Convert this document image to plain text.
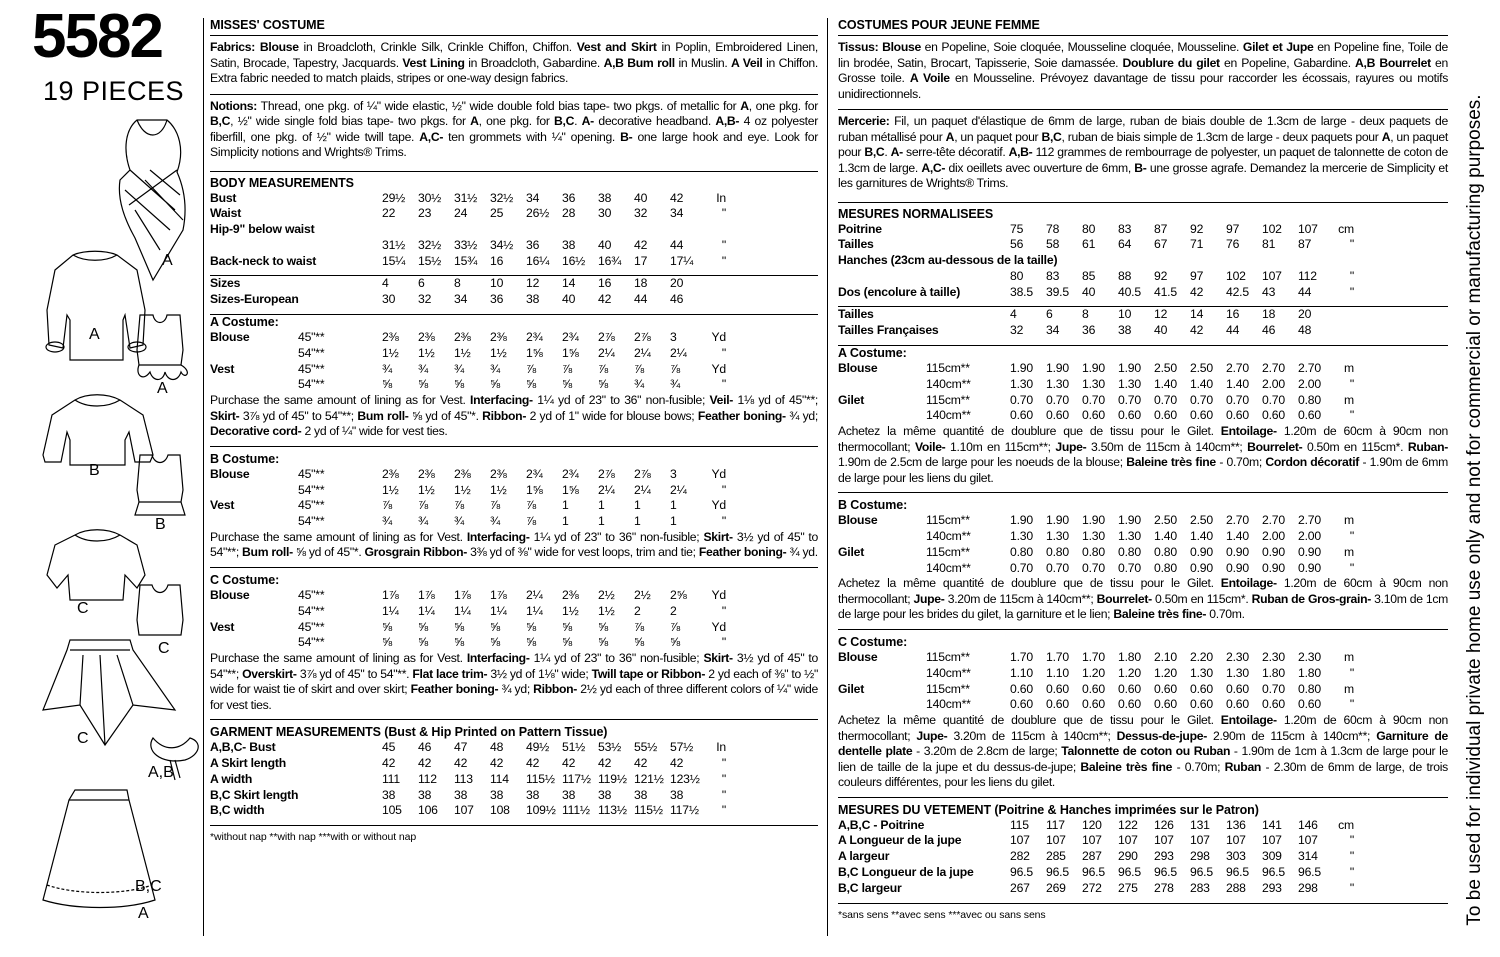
5582
19 PIECES
A
A
A
B
B
C
C
C
A,B
B,C
A
MISSES' COSTUME
Fabrics: Blouse in Broadcloth, Crinkle Silk, Crinkle Chiffon, Chiffon. Vest and Skirt in Poplin, Embroidered Linen, Satin, Brocade, Tapestry, Jacquards. Vest Lining in Broadcloth, Gabardine. A,B Bum roll in Muslin. A Veil in Chiffon. Extra fabric needed to match plaids, stripes or one-way design fabrics.
Notions: Thread, one pkg. of ¼" wide elastic, ½" wide double fold bias tape- two pkgs. of metallic for A, one pkg. for B,C, ½" wide single fold bias tape- two pkgs. for A, one pkg. for B,C. A- decorative headband. A,B- 4 oz polyester fiberfill, one pkg. of ½" wide twill tape. A,C- ten grommets with ¼" opening. B- one large hook and eye. Look for Simplicity notions and Wrights® Trims.
BODY MEASUREMENTS
Bust	29½	30½	31½	32½	34	36	38	40	42	In
Waist	22	23	24	25	26½	28	30	32	34	"
Hip-9" below waist
31½	32½	33½	34½	36	38	40	42	44	"
Back-neck to waist	15¼	15½	15¾	16	16¼	16½	16¾	17	17¼	"
Sizes	4	6	8	10	12	14	16	18	20
Sizes-European	30	32	34	36	38	40	42	44	46
A Costume:
Blouse	45"**	2⅜	2⅜	2⅜	2⅜	2¾	2¾	2⅞	2⅞	3	Yd
54"**	1½	1½	1½	1½	1⅝	1⅝	2¼	2¼	2¼	"
Vest	45"**	¾	¾	¾	¾	⅞	⅞	⅞	⅞	⅞	Yd
54"**	⅝	⅝	⅝	⅝	⅝	⅝	⅝	¾	¾	"
Purchase the same amount of lining as for Vest. Interfacing- 1¼ yd of 23" to 36" non-fusible; Veil- 1⅛ yd of 45"**; Skirt- 3⅞ yd of 45" to 54"**; Bum roll- ⅝ yd of 45"*. Ribbon- 2 yd of 1" wide for blouse bows; Feather boning- ¾ yd; Decorative cord- 2 yd of ¼" wide for vest ties.
B Costume:
Blouse	45"**	2⅜	2⅜	2⅜	2⅜	2¾	2¾	2⅞	2⅞	3	Yd
54"**	1½	1½	1½	1½	1⅝	1⅝	2¼	2¼	2¼	"
Vest	45"**	⅞	⅞	⅞	⅞	⅞	1	1	1	1	Yd
54"**	¾	¾	¾	¾	⅞	1	1	1	1	"
Purchase the same amount of lining as for Vest. Interfacing- 1¼ yd of 23" to 36" non-fusible; Skirt- 3½ yd of 45" to 54"**; Bum roll- ⅝ yd of 45"*. Grosgrain Ribbon- 3⅜ yd of ⅜" wide for vest loops, trim and tie; Feather boning- ¾ yd.
C Costume:
Blouse	45"**	1⅞	1⅞	1⅞	1⅞	2¼	2⅜	2½	2½	2⅝	Yd
54"**	1¼	1¼	1¼	1¼	1¼	1½	1½	2	2	"
Vest	45"**	⅝	⅝	⅝	⅝	⅝	⅝	⅝	⅞	⅞	Yd
54"**	⅝	⅝	⅝	⅝	⅝	⅝	⅝	⅝	⅝	"
Purchase the same amount of lining as for Vest. Interfacing- 1¼ yd of 23" to 36" non-fusible; Skirt- 3½ yd of 45" to 54"**; Overskirt- 3⅞ yd of 45" to 54"**. Flat lace trim- 3½ yd of 1⅛" wide; Twill tape or Ribbon- 2 yd each of ⅜" to ½" wide for waist tie of skirt and over skirt; Feather boning- ¾ yd; Ribbon- 2½ yd each of three different colors of ¼" wide for vest ties.
GARMENT MEASUREMENTS (Bust & Hip Printed on Pattern Tissue)
A,B,C- Bust	45	46	47	48	49½	51½	53½	55½	57½	In
A Skirt length	42	42	42	42	42	42	42	42	42	"
A width	111	112	113	114	115½ 117½ 119½ 121½ 123½	"
B,C Skirt length	38	38	38	38	38	38	38	38	38	"
B,C width	105	106	107	108	109½ 111½ 113½ 115½ 117½	"
*without nap **with nap ***with or without nap
COSTUMES POUR JEUNE FEMME
Tissus: Blouse en Popeline, Soie cloquée, Mousseline cloquée, Mousseline. Gilet et Jupe en Popeline fine, Toile de lin brodée, Satin, Brocart, Tapisserie, Soie damassée. Doublure du gilet en Popeline, Gabardine. A,B Bourrelet en Grosse toile. A Voile en Mousseline. Prévoyez davantage de tissu pour raccorder les écossais, rayures ou motifs unidirectionnels.
Mercerie: Fil, un paquet d'élastique de 6mm de large, ruban de biais double de 1.3cm de large - deux paquets de ruban métallisé pour A, un paquet pour B,C, ruban de biais simple de 1.3cm de large - deux paquets pour A, un paquet pour B,C. A- serre-tête décoratif. A,B- 112 grammes de rembourrage de polyester, un paquet de talonnette de coton de 1.3cm de large. A,C- dix oeillets avec ouverture de 6mm, B- une grosse agrafe. Demandez la mercerie de Simplicity et les garnitures de Wrights® Trims.
MESURES NORMALISEES
Poitrine	75	78	80	83	87	92	97	102	107	cm
Tailles	56	58	61	64	67	71	76	81	87	"
Hanches (23cm au-dessous de la taille)
80	83	85	88	92	97	102	107	112	"
Dos (encolure à taille)	38.5	39.5	40	40.5	41.5	42	42.5	43	44	"
Tailles	4	6	8	10	12	14	16	18	20
Tailles Françaises	32	34	36	38	40	42	44	46	48
A Costume:
Blouse	115cm**	1.90	1.90	1.90	1.90	2.50	2.50	2.70	2.70	2.70	m
140cm**	1.30	1.30	1.30	1.30	1.40	1.40	1.40	2.00	2.00	"
Gilet	115cm**	0.70	0.70	0.70	0.70	0.70	0.70	0.70	0.70	0.80	m
140cm**	0.60	0.60	0.60	0.60	0.60	0.60	0.60	0.60	0.60	"
Achetez la même quantité de doublure que de tissu pour le Gilet. Entoilage- 1.20m de 60cm à 90cm non thermocollant; Voile- 1.10m en 115cm**; Jupe- 3.50m de 115cm à 140cm**; Bourrelet- 0.50m en 115cm*. Ruban- 1.90m de 2.5cm de large pour les noeuds de la blouse; Baleine très fine - 0.70m; Cordon décoratif - 1.90m de 6mm de large pour les liens du gilet.
B Costume:
Blouse	115cm**	1.90	1.90	1.90	1.90	2.50	2.50	2.70	2.70	2.70	m
140cm**	1.30	1.30	1.30	1.30	1.40	1.40	1.40	2.00	2.00	"
Gilet	115cm**	0.80	0.80	0.80	0.80	0.80	0.90	0.90	0.90	0.90	m
140cm**	0.70	0.70	0.70	0.70	0.80	0.90	0.90	0.90	0.90	"
Achetez la même quantité de doublure que de tissu pour le Gilet. Entoilage- 1.20m de 60cm à 90cm non thermocollant; Jupe- 3.20m de 115cm à 140cm**; Bourrelet- 0.50m en 115cm*. Ruban de Gros-grain- 3.10m de 1cm de large pour les brides du gilet, la garniture et le lien; Baleine très fine- 0.70m.
C Costume:
Blouse	115cm**	1.70	1.70	1.70	1.80	2.10	2.20	2.30	2.30	2.30	m
140cm**	1.10	1.10	1.20	1.20	1.20	1.30	1.30	1.80	1.80	"
Gilet	115cm**	0.60	0.60	0.60	0.60	0.60	0.60	0.60	0.70	0.80	m
140cm**	0.60	0.60	0.60	0.60	0.60	0.60	0.60	0.60	0.60	"
Achetez la même quantité de doublure que de tissu pour le Gilet. Entoilage- 1.20m de 60cm à 90cm non thermocollant; Jupe- 3.20m de 115cm à 140cm**; Dessus-de-jupe- 2.90m de 115cm à 140cm**; Garniture de dentelle plate - 3.20m de 2.8cm de large; Talonnette de coton ou Ruban - 1.90m de 1cm à 1.3cm de large pour le lien de taille de la jupe et du dessus-de-jupe; Baleine très fine - 0.70m; Ruban - 2.30m de 6mm de large, de trois couleurs différentes, pour les liens du gilet.
MESURES DU VETEMENT (Poitrine & Hanches imprimées sur le Patron)
A,B,C - Poitrine	115	117	120	122	126	131	136	141	146	cm
A Longueur de la jupe	107	107	107	107	107	107	107	107	107	"
A largeur	282	285	287	290	293	298	303	309	314	"
B,C Longueur de la jupe	96.5	96.5	96.5	96.5	96.5	96.5	96.5	96.5	96.5	"
B,C largeur	267	269	272	275	278	283	288	293	298	"
*sans sens **avec sens ***avec ou sans sens	To be used for individual private home use only and not for commercial or manufacturing purposes.
